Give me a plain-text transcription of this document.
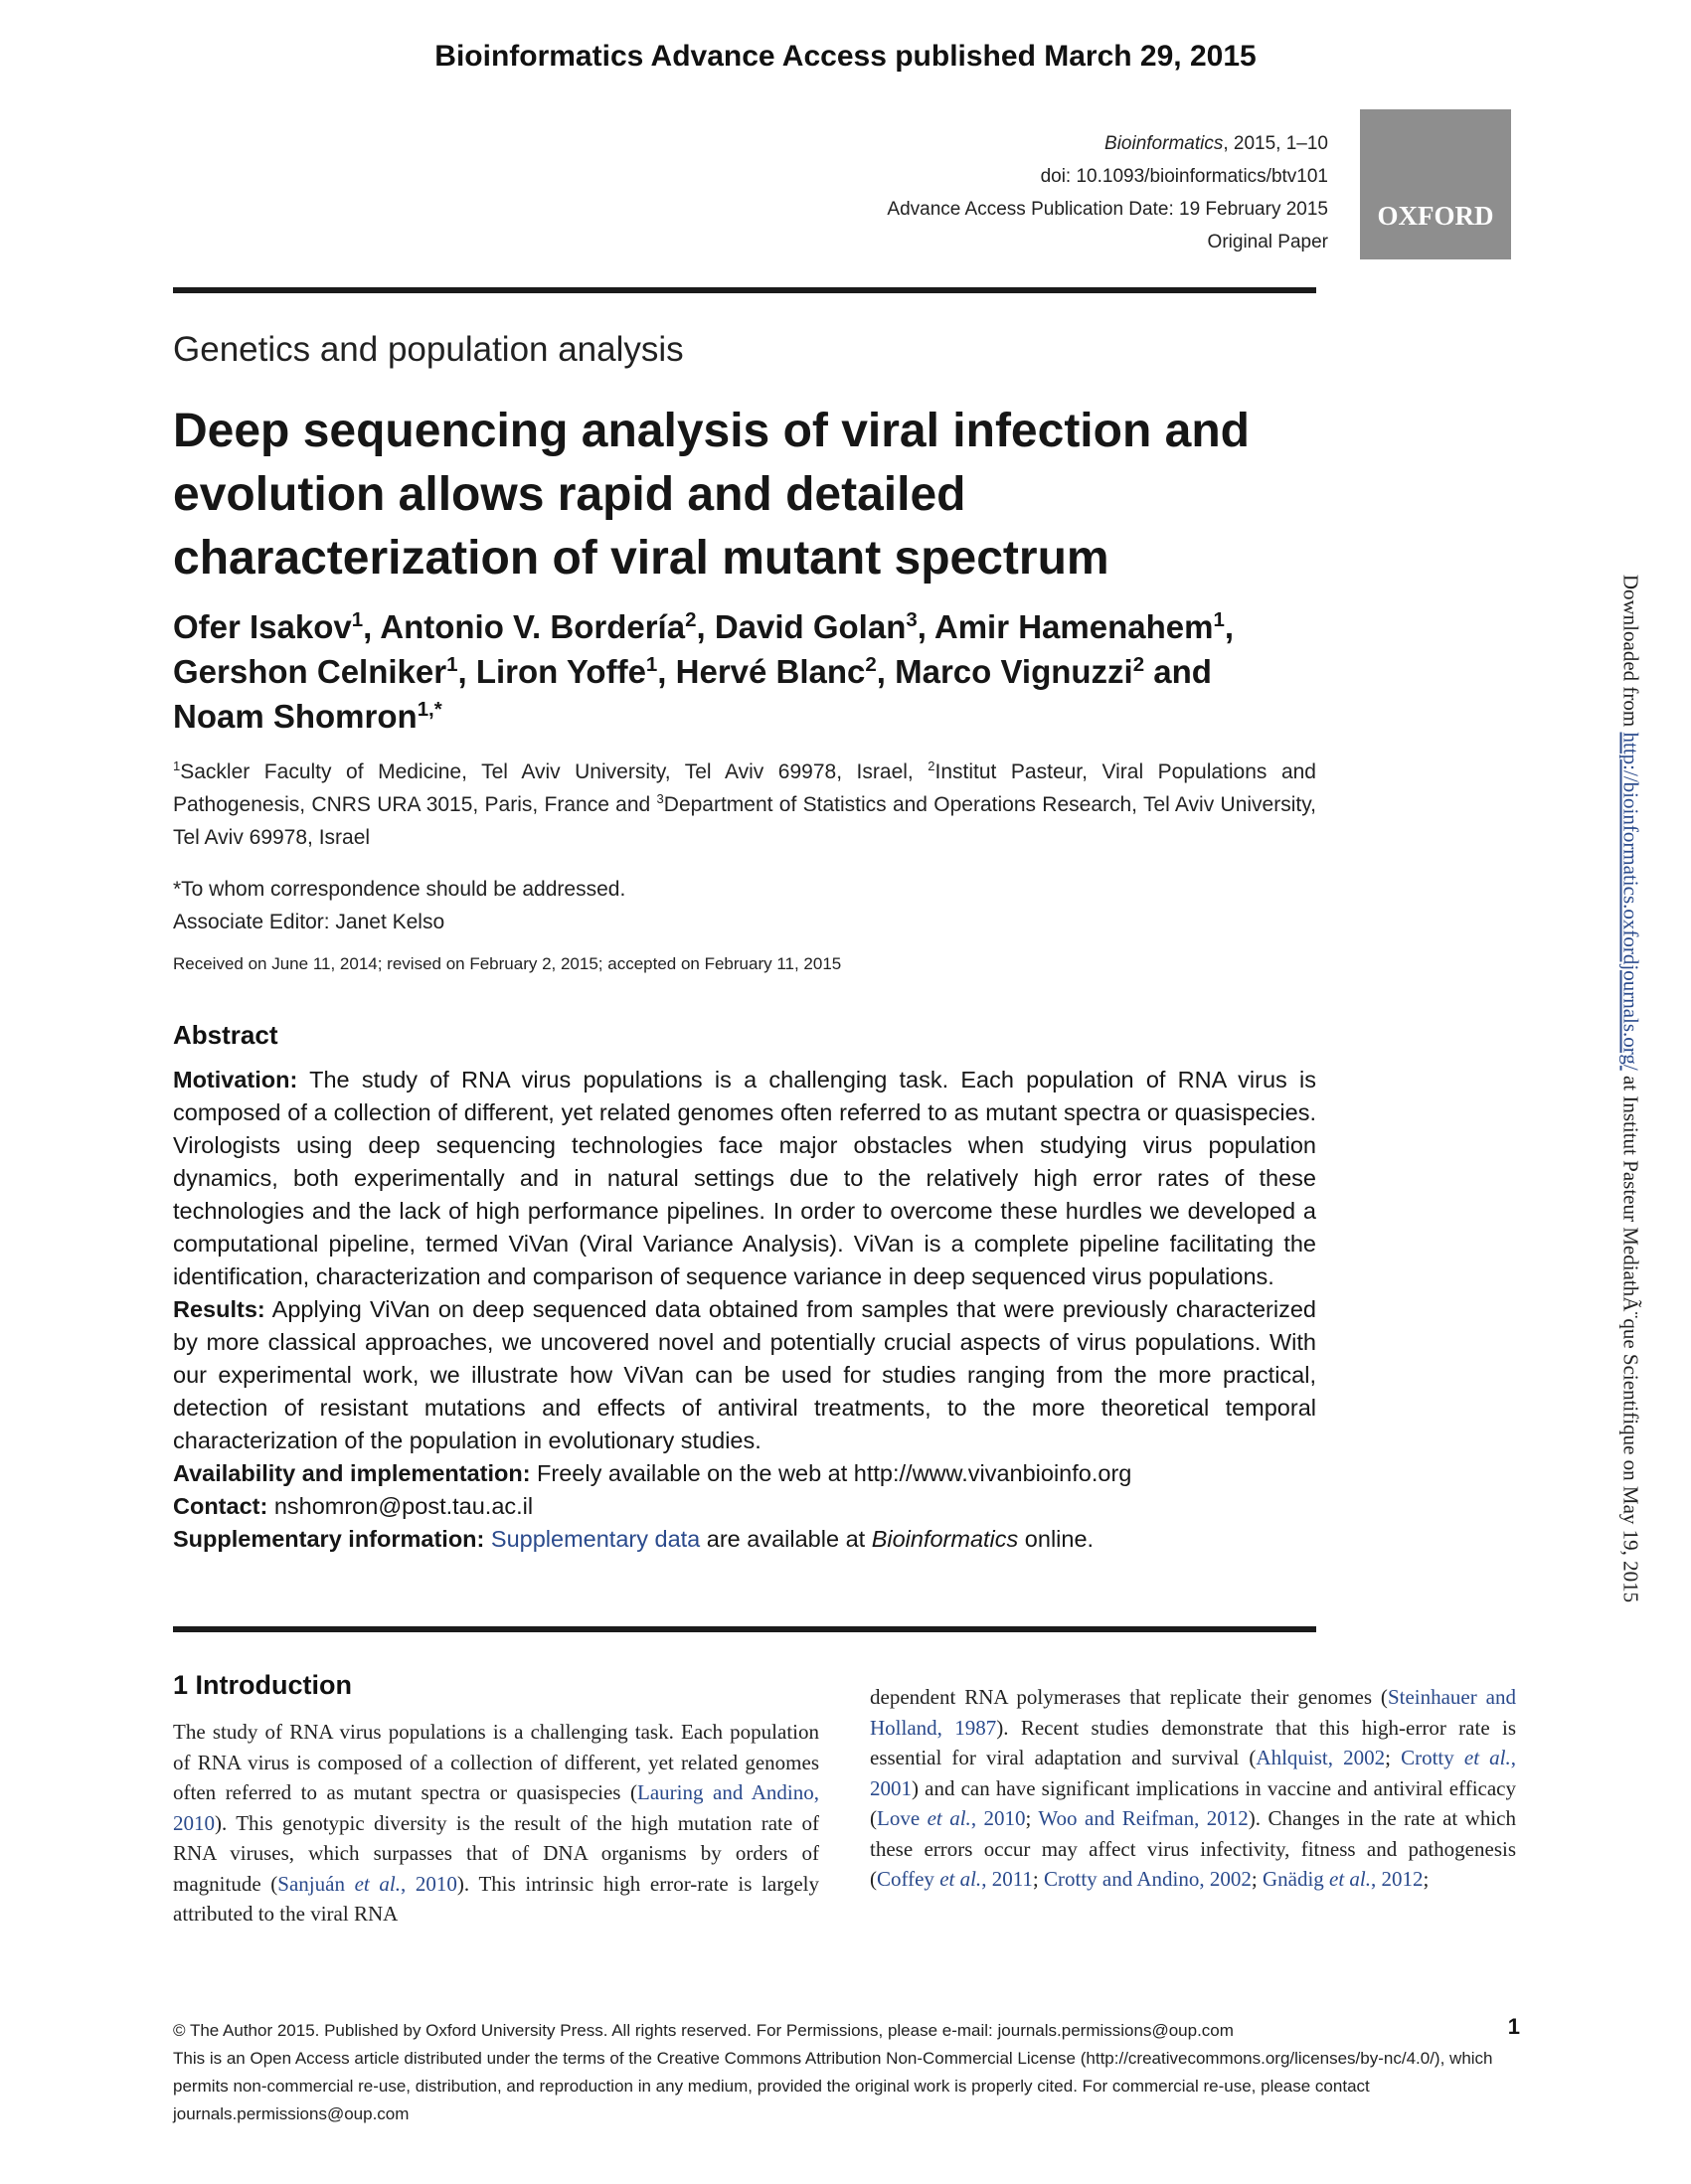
Bioinformatics Advance Access published March 29, 2015
Bioinformatics, 2015, 1–10
doi: 10.1093/bioinformatics/btv101
Advance Access Publication Date: 19 February 2015
Original Paper
OXFORD
Genetics and population analysis
Deep sequencing analysis of viral infection and evolution allows rapid and detailed characterization of viral mutant spectrum
Ofer Isakov$^1$, Antonio V. Bordería$^2$, David Golan$^3$, Amir Hamenahem$^1$, Gershon Celniker$^1$, Liron Yoffe$^1$, Hervé Blanc$^2$, Marco Vignuzzi$^2$ and
Noam Shomron$^{1,*}$
$^1$Sackler Faculty of Medicine, Tel Aviv University, Tel Aviv 69978, Israel, $^2$Institut Pasteur, Viral Populations and Pathogenesis, CNRS URA 3015, Paris, France and $^3$Department of Statistics and Operations Research, Tel Aviv University, Tel Aviv 69978, Israel
*To whom correspondence should be addressed.
Associate Editor: Janet Kelso
Received on June 11, 2014; revised on February 2, 2015; accepted on February 11, 2015
Abstract

Motivation: The study of RNA virus populations is a challenging task. Each population of RNA virus is composed of a collection of different, yet related genomes often referred to as mutant spectra or quasispecies. Virologists using deep sequencing technologies face major obstacles when studying virus population dynamics, both experimentally and in natural settings due to the relatively high error rates of these technologies and the lack of high performance pipelines. In order to overcome these hurdles we developed a computational pipeline, termed ViVan (Viral Variance Analysis). ViVan is a complete pipeline facilitating the identification, characterization and comparison of sequence variance in deep sequenced virus populations.

Results: Applying ViVan on deep sequenced data obtained from samples that were previously characterized by more classical approaches, we uncovered novel and potentially crucial aspects of virus populations. With our experimental work, we illustrate how ViVan can be used for studies ranging from the more practical, detection of resistant mutations and effects of antiviral treatments, to the more theoretical temporal characterization of the population in evolutionary studies.

Availability and implementation: Freely available on the web at http://www.vivanbioinfo.org

Contact: nshomron@post.tau.ac.il

Supplementary information: Supplementary data are available at Bioinformatics online.

1 Introduction
The study of RNA virus populations is a challenging task. Each population of RNA virus is composed of a collection of different, yet related genomes often referred to as mutant spectra or quasispecies (Lauring and Andino, 2010). This genotypic diversity is the result of the high mutation rate of RNA viruses, which surpasses that of DNA organisms by orders of magnitude (Sanjuán et al., 2010). This intrinsic high error-rate is largely attributed to the viral RNA
dependent RNA polymerases that replicate their genomes (Steinhauer and Holland, 1987). Recent studies demonstrate that this high-error rate is essential for viral adaptation and survival (Ahlquist, 2002; Crotty et al., 2001) and can have significant implications in vaccine and antiviral efficacy (Love et al., 2010; Woo and Reifman, 2012). Changes in the rate at which these errors occur may affect virus infectivity, fitness and pathogenesis (Coffey et al., 2011; Crotty and Andino, 2002; Gnädig et al., 2012;
© The Author 2015. Published by Oxford University Press. All rights reserved. For Permissions, please e-mail: journals.permissions@oup.com
This is an Open Access article distributed under the terms of the Creative Commons Attribution Non-Commercial License (http://creativecommons.org/licenses/by-nc/4.0/), which permits non-commercial re-use, distribution, and reproduction in any medium, provided the original work is properly cited. For commercial re-use, please contact journals.permissions@oup.com
1
Downloaded from http://bioinformatics.oxfordjournals.org/ at Institut Pasteur MediathÃ¨que Scientifique on May 19, 2015
